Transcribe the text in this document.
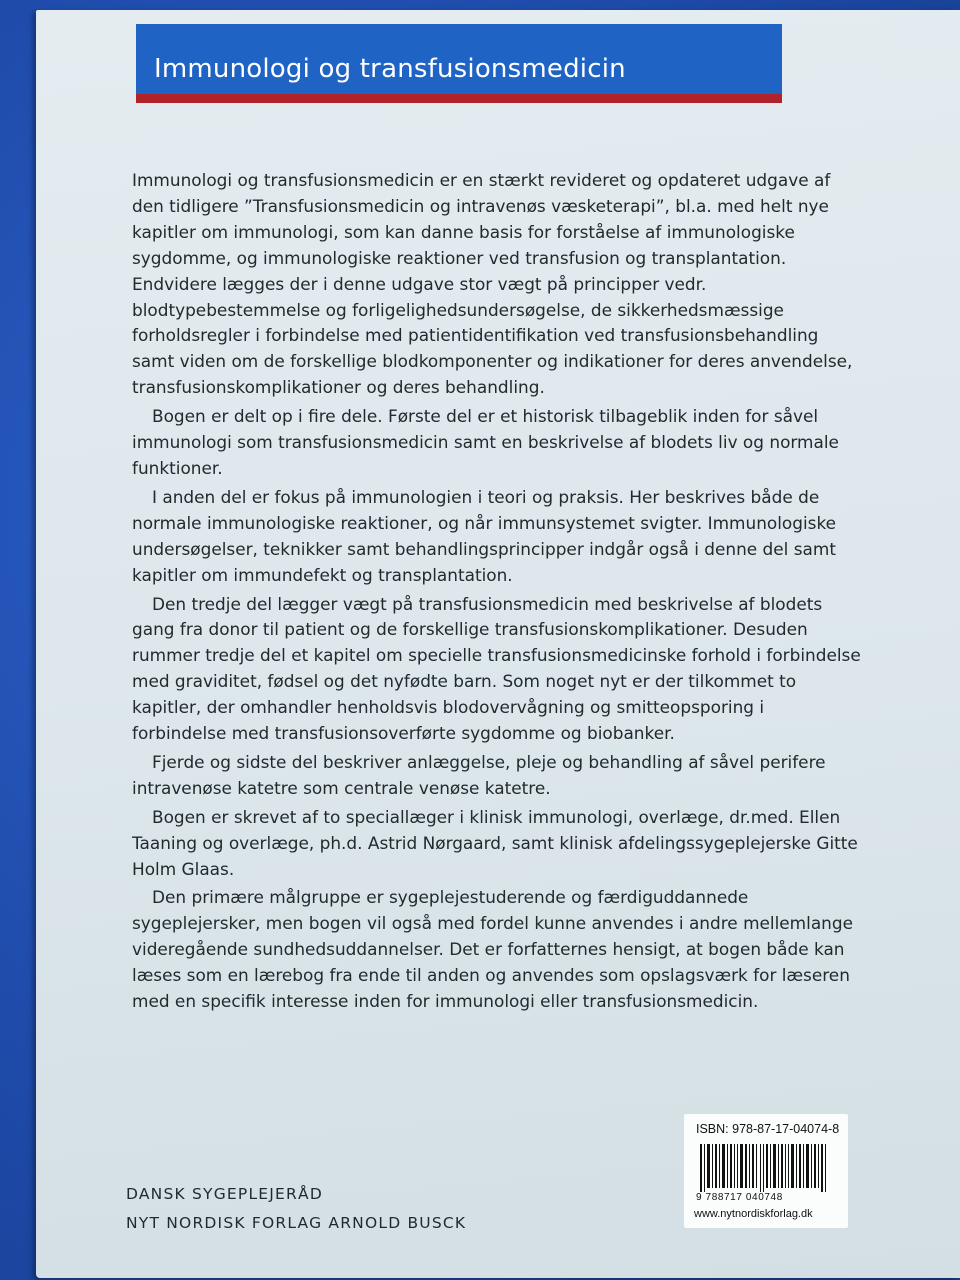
Immunologi og transfusionsmedicin

Immunologi og transfusionsmedicin er en stærkt revideret og opdateret udgave af den tidligere ”Transfusionsmedicin og intravenøs væsketerapi”, bl.a. med helt nye kapitler om immunologi, som kan danne basis for forståelse af immunologiske sygdomme, og immunologiske reaktioner ved transfusion og transplantation. Endvidere lægges der i denne udgave stor vægt på principper vedr. blodtypebestemmelse og forligelighedsundersøgelse, de sikkerhedsmæssige forholdsregler i forbindelse med patientidentifikation ved transfusionsbehandling samt viden om de forskellige blodkomponenter og indikationer for deres anvendelse, transfusionskomplikationer og deres behandling.

Bogen er delt op i fire dele. Første del er et historisk tilbageblik inden for såvel immunologi som transfusionsmedicin samt en beskrivelse af blodets liv og normale funktioner.

I anden del er fokus på immunologien i teori og praksis. Her beskrives både de normale immunologiske reaktioner, og når immunsystemet svigter. Immunologiske undersøgelser, teknikker samt behandlingsprincipper indgår også i denne del samt kapitler om immundefekt og transplantation.

Den tredje del lægger vægt på transfusionsmedicin med beskrivelse af blodets gang fra donor til patient og de forskellige transfusionskomplikationer. Desuden rummer tredje del et kapitel om specielle transfusionsmedicinske forhold i forbindelse med graviditet, fødsel og det nyfødte barn. Som noget nyt er der tilkommet to kapitler, der omhandler henholdsvis blodovervågning og smitteopsporing i forbindelse med transfusionsoverførte sygdomme og biobanker.

Fjerde og sidste del beskriver anlæggelse, pleje og behandling af såvel perifere intravenøse katetre som centrale venøse katetre.

Bogen er skrevet af to speciallæger i klinisk immunologi, overlæge, dr.med. Ellen Taaning og overlæge, ph.d. Astrid Nørgaard, samt klinisk afdelingssygeplejerske Gitte Holm Glaas.

Den primære målgruppe er sygeplejestuderende og færdiguddannede sygeplejersker, men bogen vil også med fordel kunne anvendes i andre mellemlange videregående sundhedsuddannelser. Det er forfatternes hensigt, at bogen både kan læses som en lærebog fra ende til anden og anvendes som opslagsværk for læseren med en specifik interesse inden for immunologi eller transfusionsmedicin.

DANSK SYGEPLEJERÅD
NYT NORDISK FORLAG ARNOLD BUSCK
ISBN: 978-87-17-04074-8
9 788717 040748
www.nytnordiskforlag.dk
